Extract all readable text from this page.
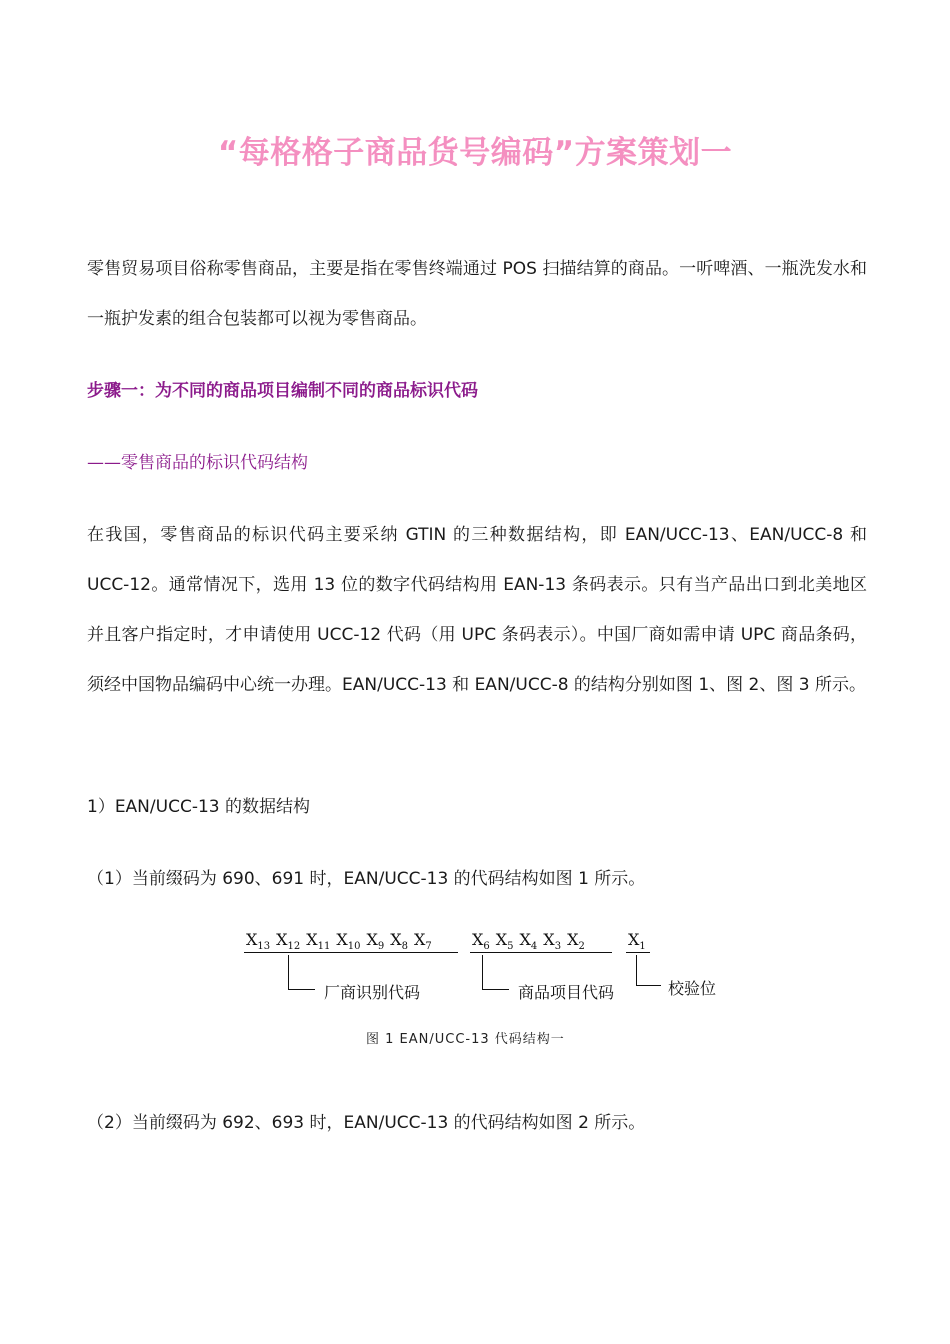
“每格格子商品货号编码”方案策划一

零售贸易项目俗称零售商品，主要是指在零售终端通过 POS 扫描结算的商品。一听啤酒、一瓶洗发水和一瓶护发素的组合包装都可以视为零售商品。

步骤一：为不同的商品项目编制不同的商品标识代码
——零售商品的标识代码结构

在我国，零售商品的标识代码主要采纳 GTIN 的三种数据结构，即 EAN/UCC-13、EAN/UCC-8 和 UCC-12。通常情况下，选用 13 位的数字代码结构用 EAN-13 条码表示。只有当产品出口到北美地区并且客户指定时，才申请使用 UCC-12 代码（用 UPC 条码表示）。中国厂商如需申请 UPC 商品条码，须经中国物品编码中心统一办理。EAN/UCC-13 和 EAN/UCC-8 的结构分别如图 1、图 2、图 3 所示。

1）EAN/UCC-13 的数据结构
（1）当前缀码为 690、691 时，EAN/UCC-13 的代码结构如图 1 所示。
$X_{13}$ $X_{12}$ $X_{11}$ $X_{10}$ $X_9$ $X_8$ $X_7$	$X_6$ $X_5$ $X_4$ $X_3$ $X_2$	$X_1$
厂商识别代码	商品项目代码	校验位
图 1 EAN/UCC-13 代码结构一
（2）当前缀码为 692、693 时，EAN/UCC-13 的代码结构如图 2 所示。
